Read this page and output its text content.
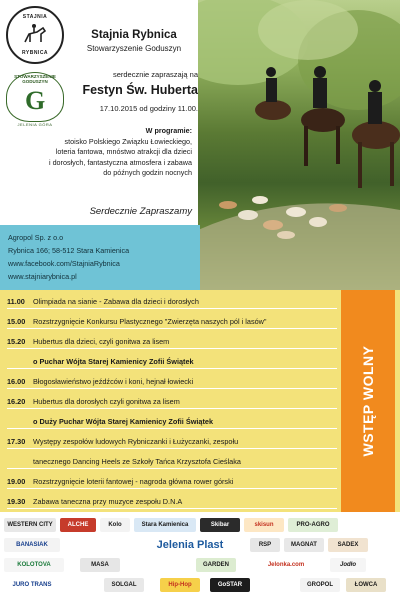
STAJNIA
RYBNICA
STOWARZYSZENIE GODUSZYN
G
JELENIA GÓRA
Stajnia Rybnica
Stowarzyszenie Goduszyn
serdecznie zapraszają na
Festyn Św. Huberta
17.10.2015 od godziny 11.00.
W programie:
stoisko Polskiego Związku Łowieckiego,
loteria fantowa, mnóstwo atrakcji dla dzieci
i dorosłych, fantastyczna atmosfera i zabawa
do późnych godzin nocnych
Serdecznie Zapraszamy
Agropol Sp. z o.o
Rybnica 166; 58-512 Stara Kamienica
www.facebook.com/StajniaRybnica
www.stajniarybnica.pl
11.00	Olimpiada na sianie - Zabawa dla dzieci i dorosłych
15.00	Rozstrzygnięcie Konkursu Plastycznego "Zwierzęta naszych pól i lasów"
15.20	Hubertus dla dzieci, czyli gonitwa za lisem
o Puchar Wójta Starej Kamienicy Zofii Świątek
16.00	Błogosławieństwo jeźdźców i koni, hejnał łowiecki
16.20	Hubertus dla dorosłych czyli gonitwa za lisem
o Duży Puchar Wójta Starej Kamienicy Zofii Świątek
17.30	Występy zespołów ludowych Rybniczanki i Łużyczanki, zespołu
tanecznego Dancing Heels ze Szkoły Tańca Krzysztofa Cieślaka
19.00	Rozstrzygnięcie loterii fantowej - nagroda główna rower górski
19.30	Zabawa taneczna przy muzyce zespołu D.N.A
WSTĘP WOLNY
WESTERN CITY	ALCHE	Kolo	Stara Kamienica	Skibar	skisun	PRO-AGRO
BANASIAK	Jelenia Plast	RSP	MAGNAT	SADEX
KOLOTOVA	MASA	GARDEN	Jelonka.com	Jodło
JURO TRANS	SOLGAL	Hip-Hop	GoSTAR	GROPOL	ŁOWCA
